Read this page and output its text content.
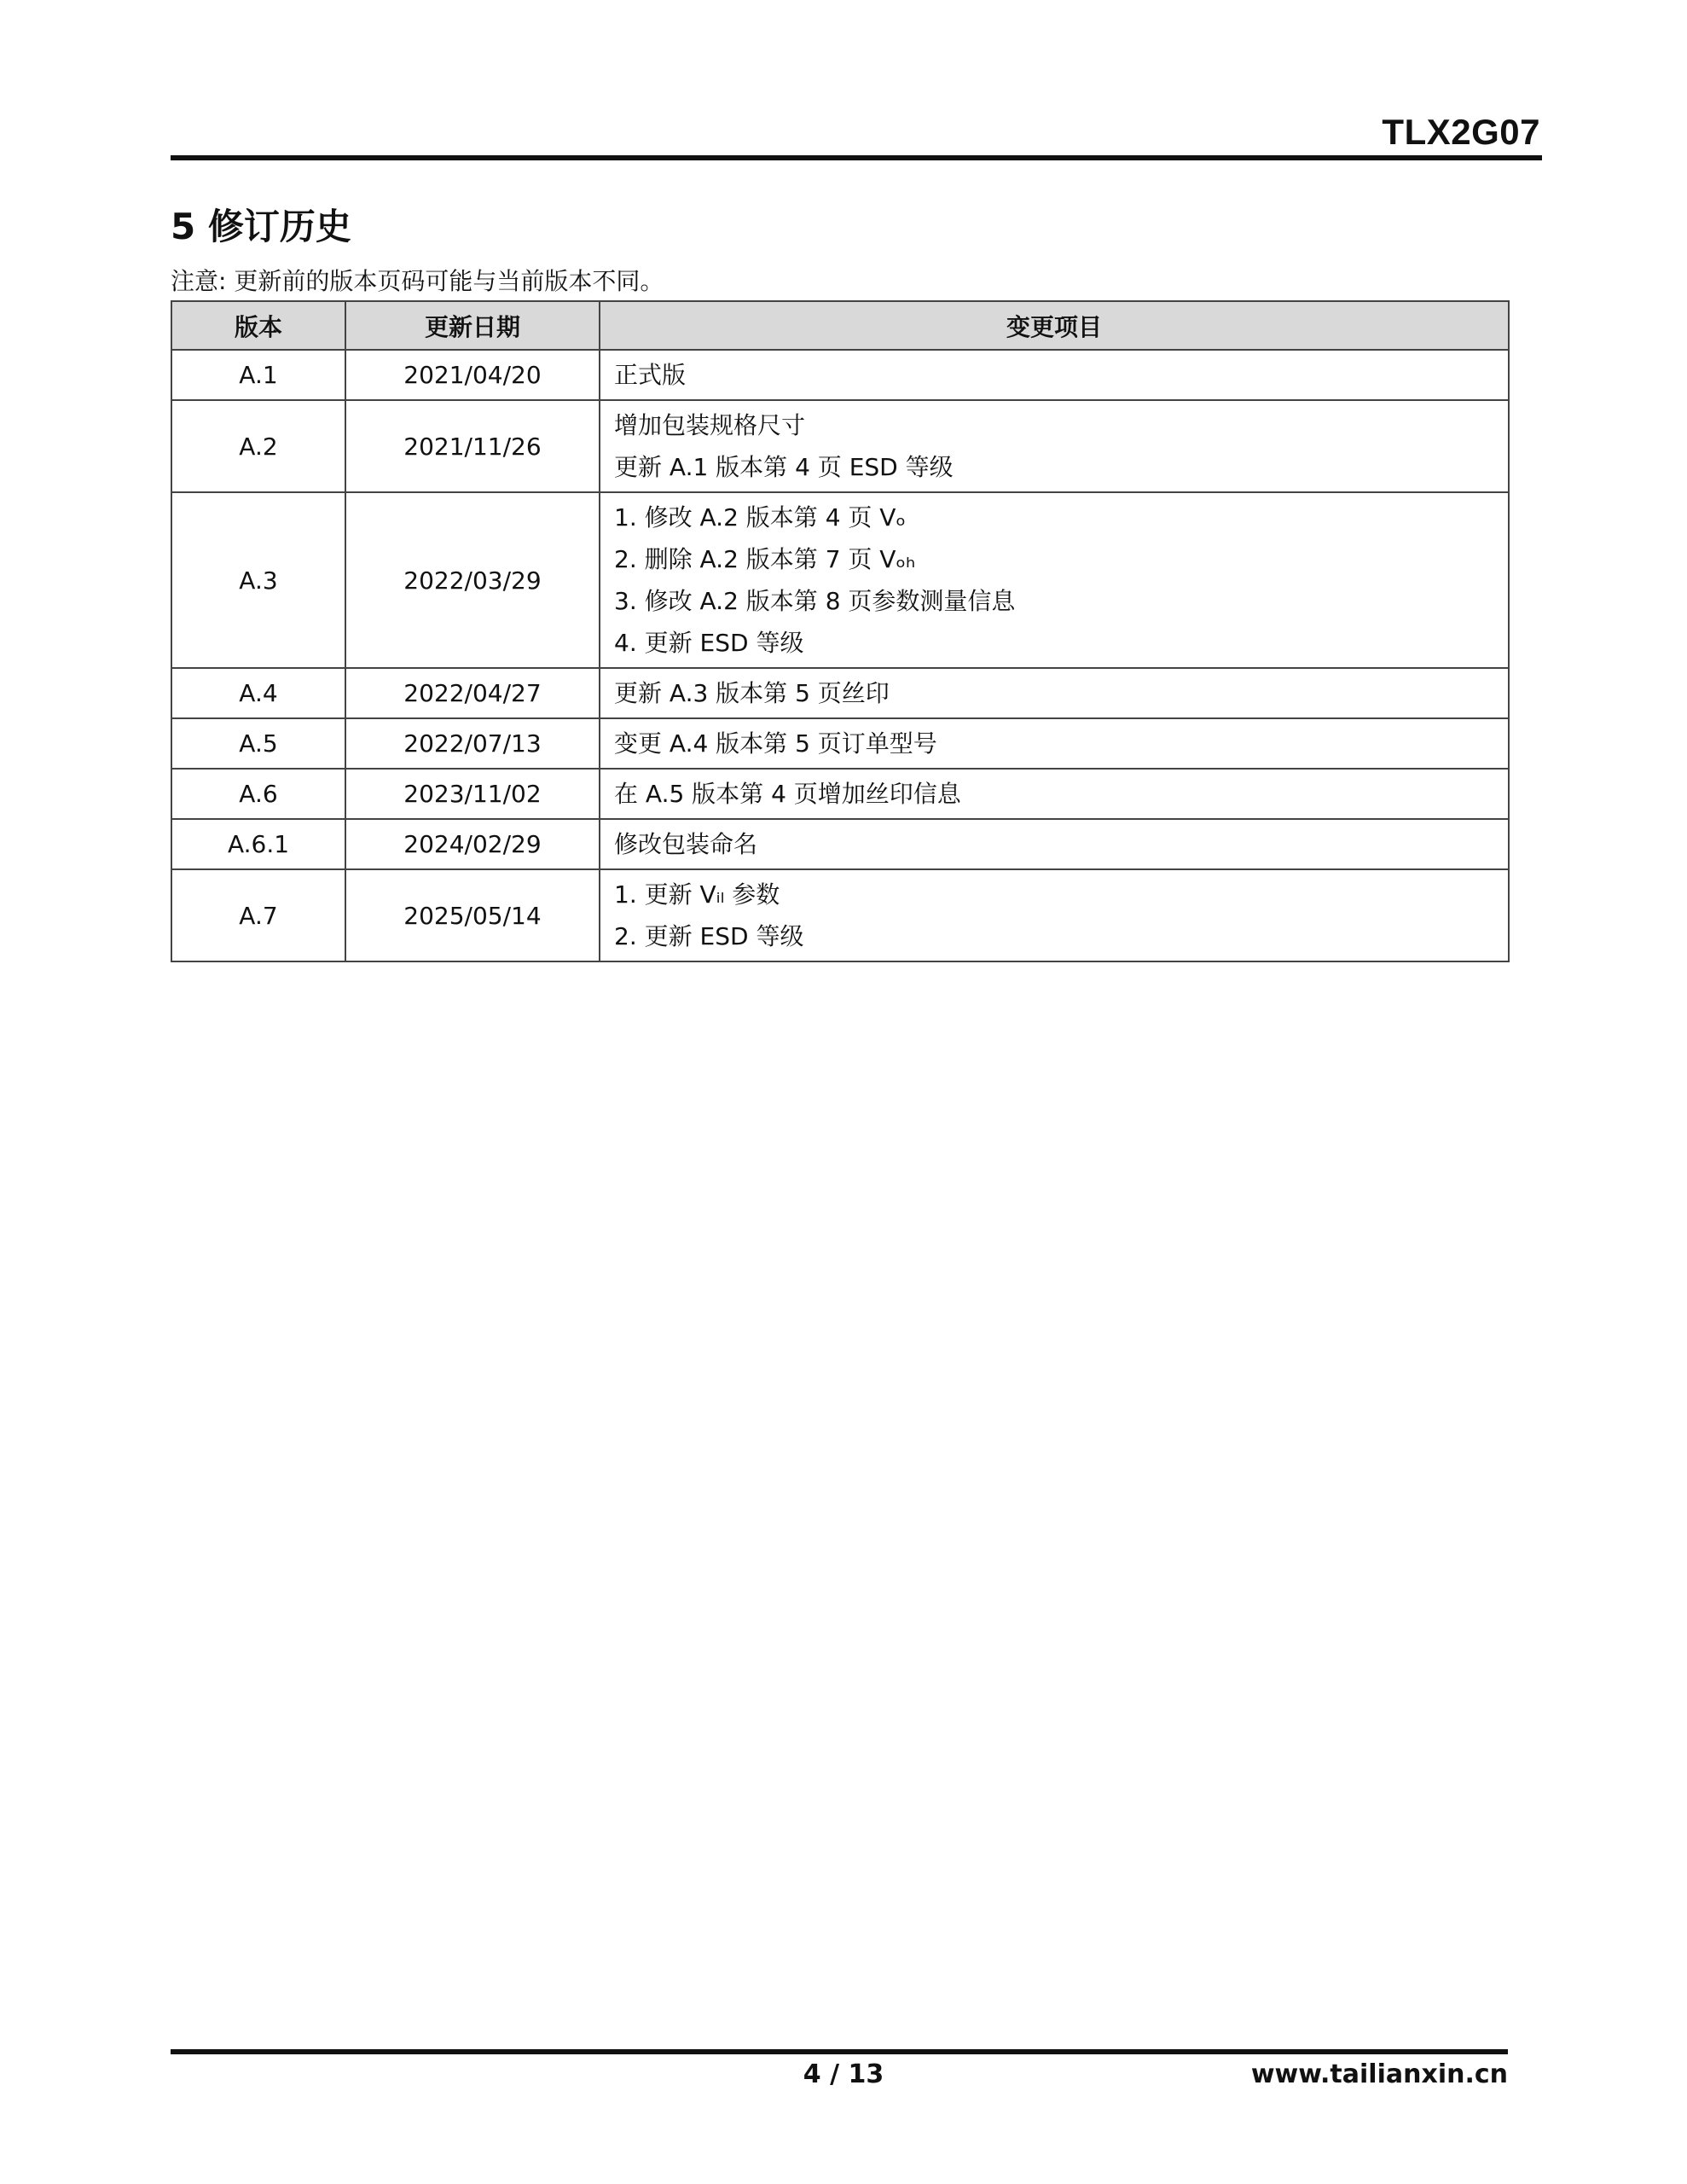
TLX2G07
5 修订历史
注意: 更新前的版本页码可能与当前版本不同。
版本	更新日期	变更项目
A.1	2021/04/20	正式版

A.2	2021/11/26	增加包装规格尺寸
更新 A.1 版本第 4 页 ESD 等级

A.3	2022/03/29	1. 修改 A.2 版本第 4 页 Vₒ
2. 删除 A.2 版本第 7 页 Vₒₕ
3. 修改 A.2 版本第 8 页参数测量信息
4. 更新 ESD 等级

A.4	2022/04/27	更新 A.3 版本第 5 页丝印

A.5	2022/07/13	变更 A.4 版本第 5 页订单型号

A.6	2023/11/02	在 A.5 版本第 4 页增加丝印信息

A.6.1	2024/02/29	修改包装命名

A.7	2025/05/14	1. 更新 Vᵢₗ 参数
2. 更新 ESD 等级
4 / 13	www.tailianxin.cn
